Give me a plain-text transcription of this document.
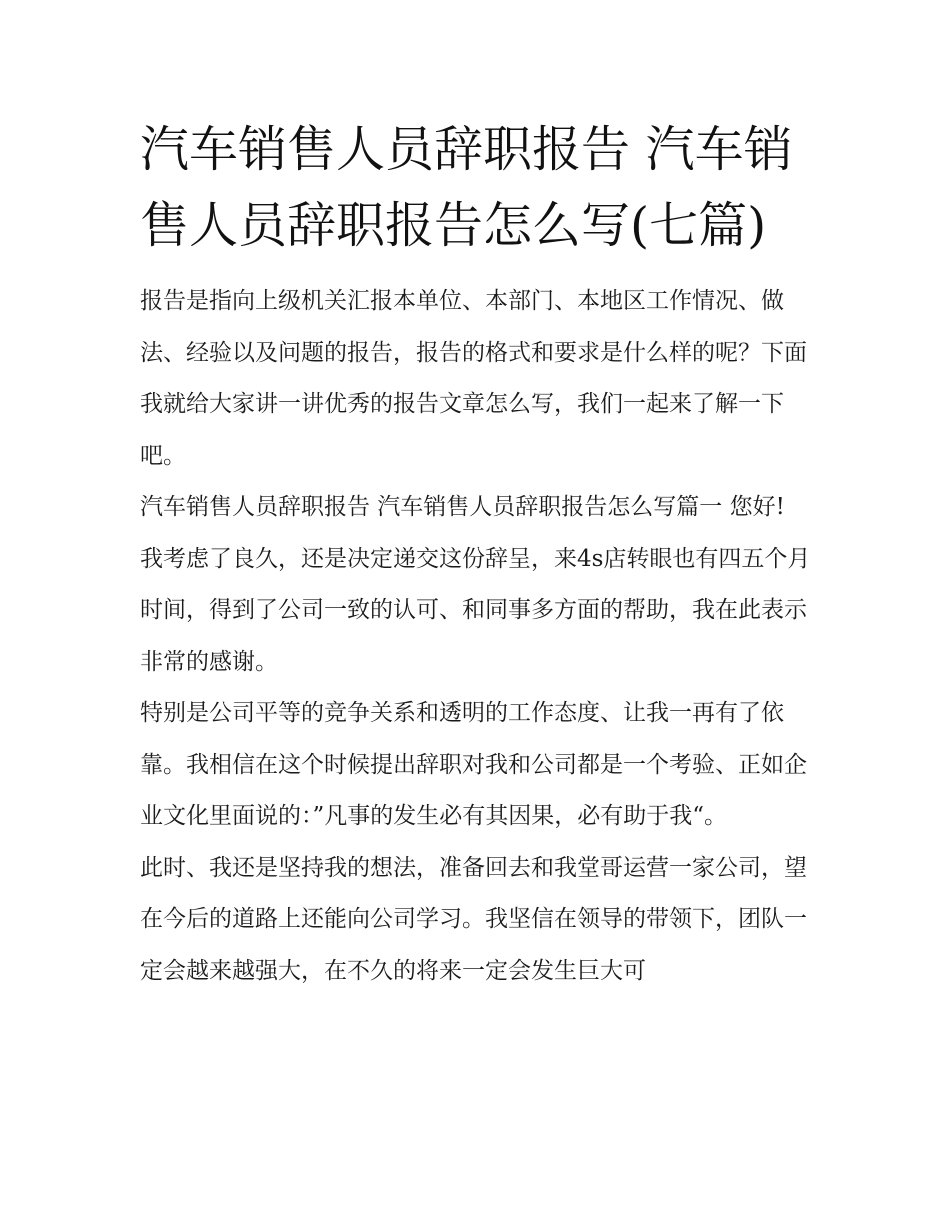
汽车销售人员辞职报告 汽车销售人员辞职报告怎么写(七篇)

报告是指向上级机关汇报本单位、本部门、本地区工作情况、做法、经验以及问题的报告，报告的格式和要求是什么样的呢？下面我就给大家讲一讲优秀的报告文章怎么写，我们一起来了解一下吧。

汽车销售人员辞职报告 汽车销售人员辞职报告怎么写篇一 您好!

我考虑了良久，还是决定递交这份辞呈，来4s店转眼也有四五个月时间，得到了公司一致的认可、和同事多方面的帮助，我在此表示非常的感谢。

特别是公司平等的竞争关系和透明的工作态度、让我一再有了依靠。我相信在这个时候提出辞职对我和公司都是一个考验、正如企业文化里面说的：”凡事的发生必有其因果，必有助于我“。

此时、我还是坚持我的想法，准备回去和我堂哥运营一家公司，望在今后的道路上还能向公司学习。我坚信在领导的带领下，团队一定会越来越强大，在不久的将来一定会发生巨大可
